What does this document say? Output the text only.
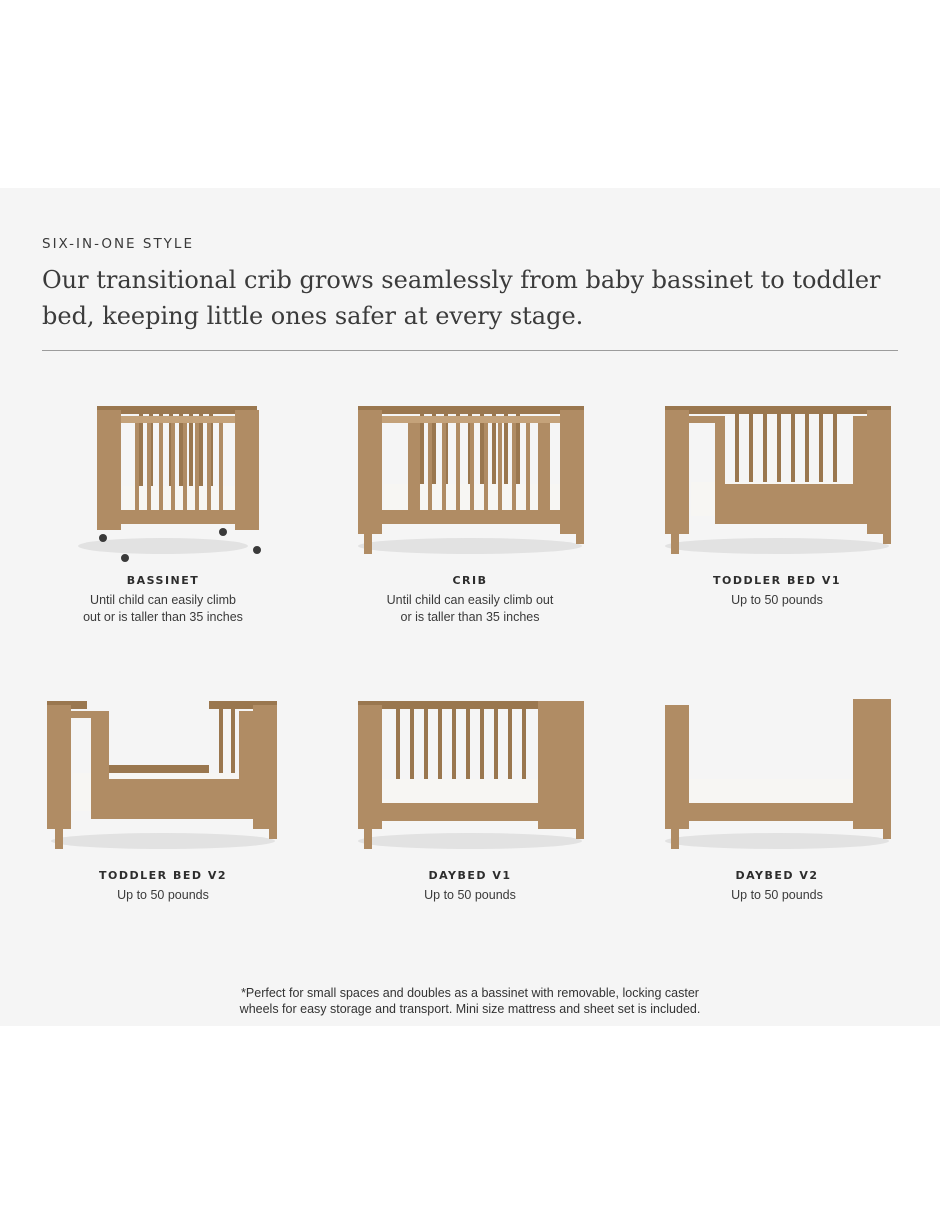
SIX-IN-ONE STYLE
Our transitional crib grows seamlessly from baby bassinet to toddler bed, keeping little ones safer at every stage.
BASSINET
Until child can easily climb
out or is taller than 35 inches
CRIB
Until child can easily climb out
or is taller than 35 inches
TODDLER BED V1
Up to 50 pounds
TODDLER BED V2
Up to 50 pounds
DAYBED V1
Up to 50 pounds
DAYBED V2
Up to 50 pounds
*Perfect for small spaces and doubles as a bassinet with removable, locking caster
wheels for easy storage and transport. Mini size mattress and sheet set is included.
